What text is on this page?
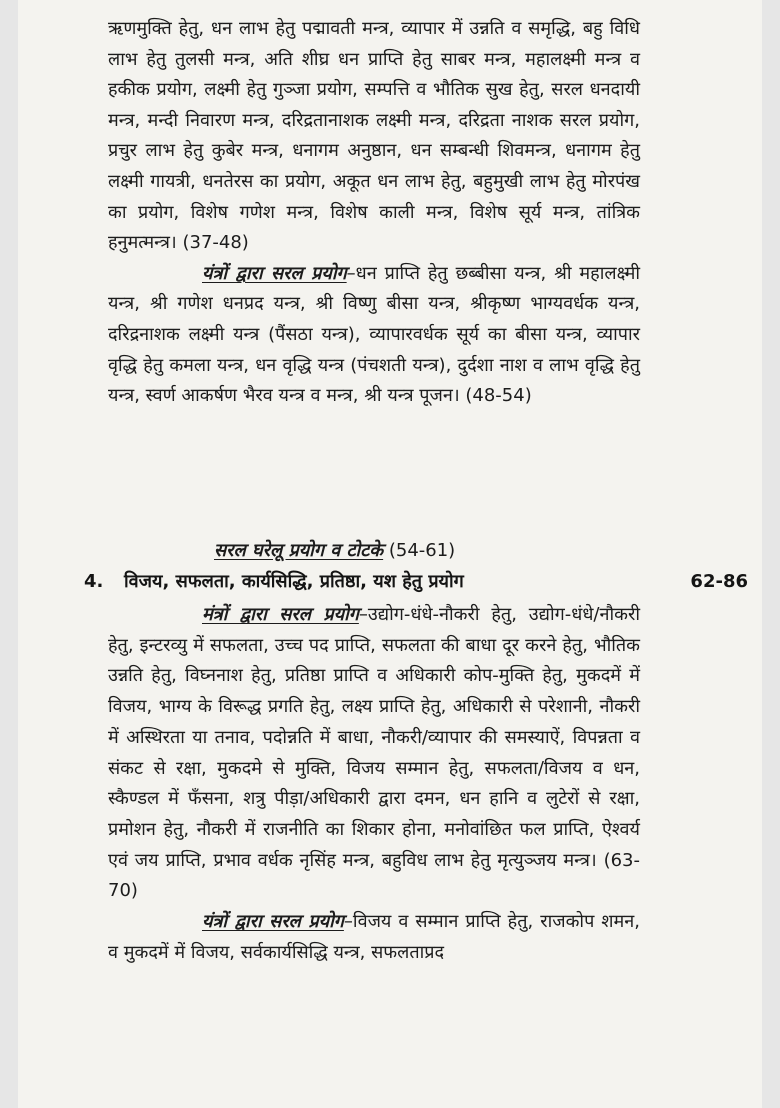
ऋणमुक्ति हेतु, धन लाभ हेतु पद्मावती मन्त्र, व्यापार में उन्नति व समृद्धि, बहु विधि लाभ हेतु तुलसी मन्त्र, अति शीघ्र धन प्राप्ति हेतु साबर मन्त्र, महालक्ष्मी मन्त्र व हकीक प्रयोग, लक्ष्मी हेतु गुञ्जा प्रयोग, सम्पत्ति व भौतिक सुख हेतु, सरल धनदायी मन्त्र, मन्दी निवारण मन्त्र, दरिद्रतानाशक लक्ष्मी मन्त्र, दरिद्रता नाशक सरल प्रयोग, प्रचुर लाभ हेतु कुबेर मन्त्र, धनागम अनुष्ठान, धन सम्बन्धी शिवमन्त्र, धनागम हेतु लक्ष्मी गायत्री, धनतेरस का प्रयोग, अकूत धन लाभ हेतु, बहुमुखी लाभ हेतु मोरपंख का प्रयोग, विशेष गणेश मन्त्र, विशेष काली मन्त्र, विशेष सूर्य मन्त्र, तांत्रिक हनुमत्मन्त्र। (37-48)

यंत्रों द्वारा सरल प्रयोग–धन प्राप्ति हेतु छब्बीसा यन्त्र, श्री महालक्ष्मी यन्त्र, श्री गणेश धनप्रद यन्त्र, श्री विष्णु बीसा यन्त्र, श्रीकृष्ण भाग्यवर्धक यन्त्र, दरिद्रनाशक लक्ष्मी यन्त्र (पैंसठा यन्त्र), व्यापारवर्धक सूर्य का बीसा यन्त्र, व्यापार वृद्धि हेतु कमला यन्त्र, धन वृद्धि यन्त्र (पंचशती यन्त्र), दुर्दशा नाश व लाभ वृद्धि हेतु यन्त्र, स्वर्ण आकर्षण भैरव यन्त्र व मन्त्र, श्री यन्त्र पूजन। (48-54)

सरल घरेलू प्रयोग व टोटके (54-61)
4. विजय, सफलता, कार्यसिद्धि, प्रतिष्ठा, यश हेतु प्रयोग	62-86

मंत्रों द्वारा सरल प्रयोग–उद्योग-धंधे-नौकरी हेतु, उद्योग-धंधे/नौकरी हेतु, इन्टरव्यु में सफलता, उच्च पद प्राप्ति, सफलता की बाधा दूर करने हेतु, भौतिक उन्नति हेतु, विघ्ननाश हेतु, प्रतिष्ठा प्राप्ति व अधिकारी कोप-मुक्ति हेतु, मुकदमें में विजय, भाग्य के विरूद्ध प्रगति हेतु, लक्ष्य प्राप्ति हेतु, अधिकारी से परेशानी, नौकरी में अस्थिरता या तनाव, पदोन्नति में बाधा, नौकरी/व्यापार की समस्याऐं, विपन्नता व संकट से रक्षा, मुकदमे से मुक्ति, विजय सम्मान हेतु, सफलता/विजय व धन, स्कैण्डल में फँसना, शत्रु पीड़ा/अधिकारी द्वारा दमन, धन हानि व लुटेरों से रक्षा, प्रमोशन हेतु, नौकरी में राजनीति का शिकार होना, मनोवांछित फल प्राप्ति, ऐश्वर्य एवं जय प्राप्ति, प्रभाव वर्धक नृसिंह मन्त्र, बहुविध लाभ हेतु मृत्युञ्जय मन्त्र। (63-70)

यंत्रों द्वारा सरल प्रयोग–विजय व सम्मान प्राप्ति हेतु, राजकोप शमन, व मुकदमें में विजय, सर्वकार्यसिद्धि यन्त्र, सफलताप्रद
